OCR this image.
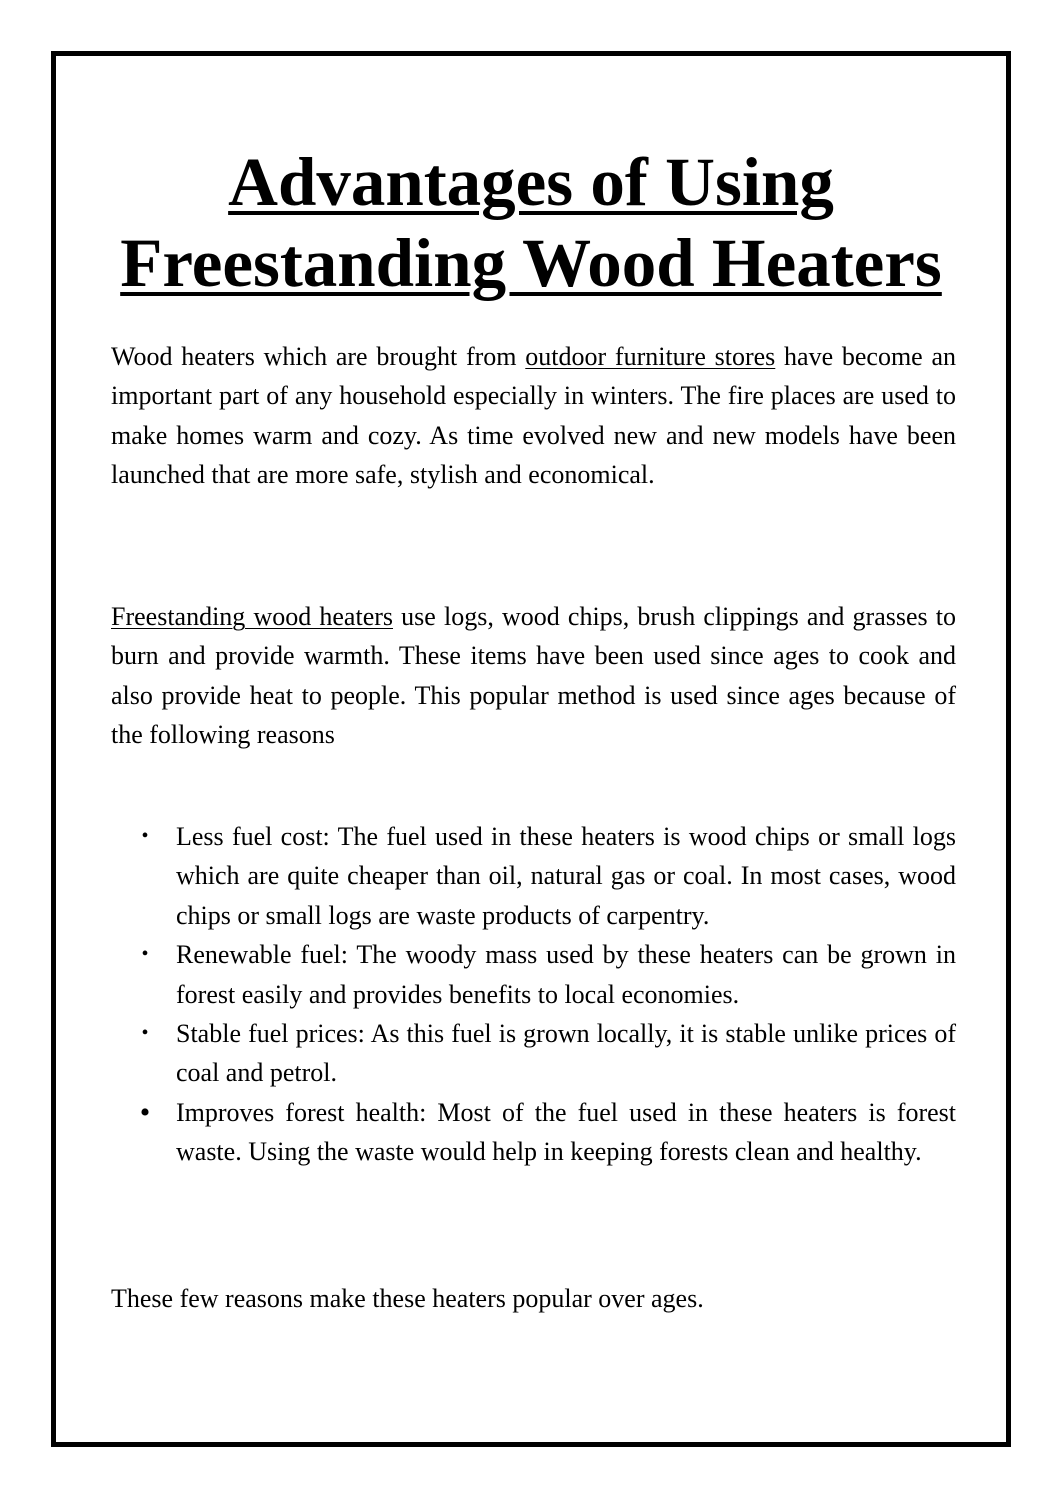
Advantages of Using
Freestanding Wood Heaters

Wood heaters which are brought from outdoor furniture stores have become an important part of any household especially in winters. The fire places are used to make homes warm and cozy. As time evolved new and new models have been launched that are more safe, stylish and economical.

Freestanding wood heaters use logs, wood chips, brush clippings and grasses to burn and provide warmth. These items have been used since ages to cook and also provide heat to people. This popular method is used since ages because of the following reasons

• Less fuel cost: The fuel used in these heaters is wood chips or small logs which are quite cheaper than oil, natural gas or coal. In most cases, wood chips or small logs are waste products of carpentry.
• Renewable fuel: The woody mass used by these heaters can be grown in forest easily and provides benefits to local economies.
• Stable fuel prices: As this fuel is grown locally, it is stable unlike prices of coal and petrol.
• Improves forest health: Most of the fuel used in these heaters is forest waste. Using the waste would help in keeping forests clean and healthy.

These few reasons make these heaters popular over ages.
